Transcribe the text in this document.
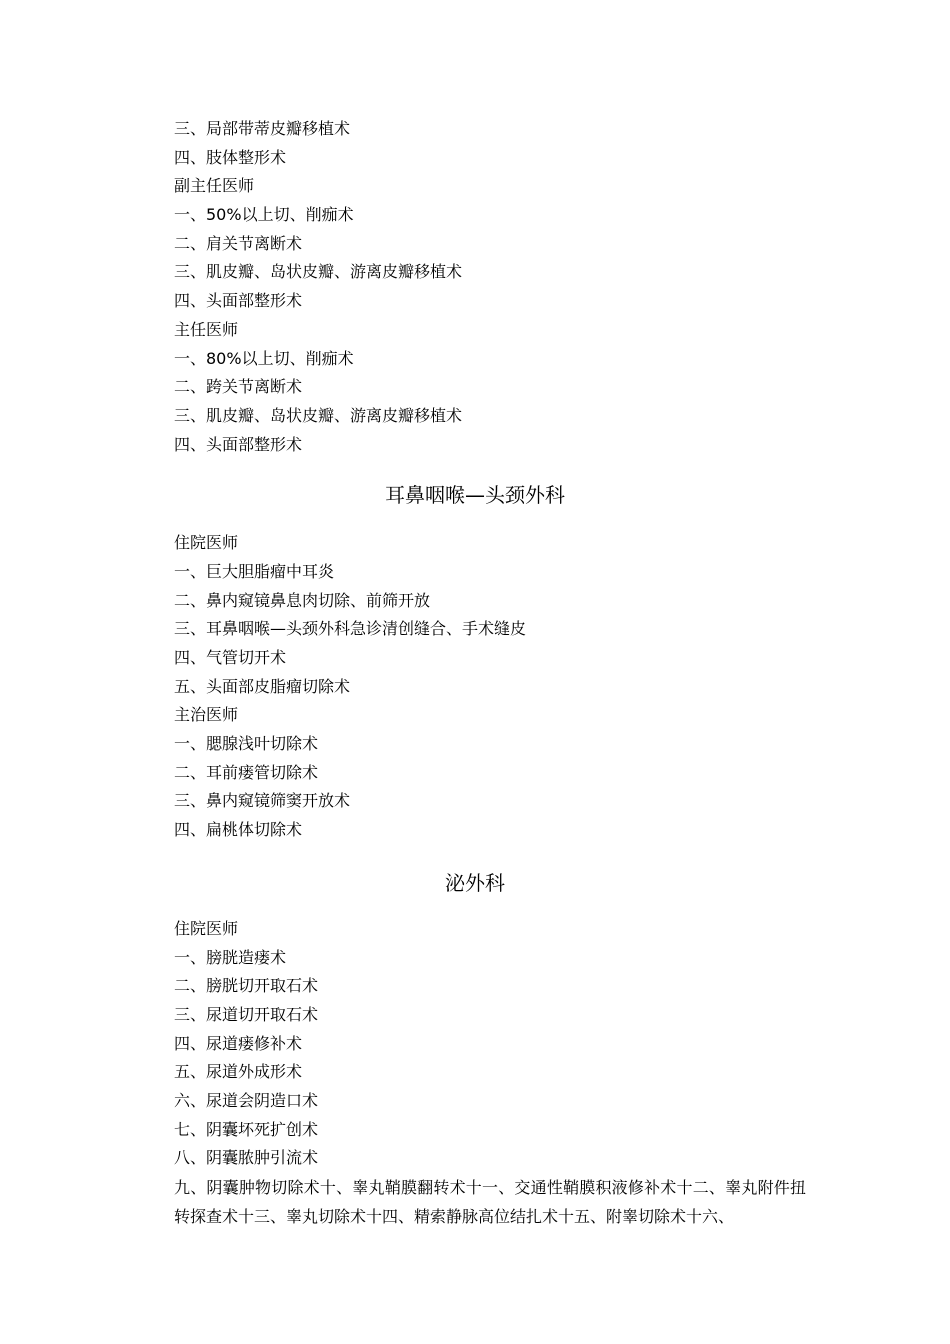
三、局部带蒂皮瓣移植术
四、肢体整形术
副主任医师
一、50%以上切、削痂术
二、肩关节离断术
三、肌皮瓣、岛状皮瓣、游离皮瓣移植术
四、头面部整形术
主任医师
一、80%以上切、削痂术
二、跨关节离断术
三、肌皮瓣、岛状皮瓣、游离皮瓣移植术
四、头面部整形术
耳鼻咽喉—头颈外科
住院医师
一、巨大胆脂瘤中耳炎
二、鼻内窥镜鼻息肉切除、前筛开放
三、耳鼻咽喉—头颈外科急诊清创缝合、手术缝皮
四、气管切开术
五、头面部皮脂瘤切除术
主治医师
一、腮腺浅叶切除术
二、耳前瘘管切除术
三、鼻内窥镜筛窦开放术
四、扁桃体切除术
泌外科
住院医师
一、膀胱造瘘术
二、膀胱切开取石术
三、尿道切开取石术
四、尿道瘘修补术
五、尿道外成形术
六、尿道会阴造口术
七、阴囊坏死扩创术
八、阴囊脓肿引流术
九、阴囊肿物切除术十、睾丸鞘膜翻转术十一、交通性鞘膜积液修补术十二、睾丸附件扭转探查术十三、睾丸切除术十四、精索静脉高位结扎术十五、附睾切除术十六、
